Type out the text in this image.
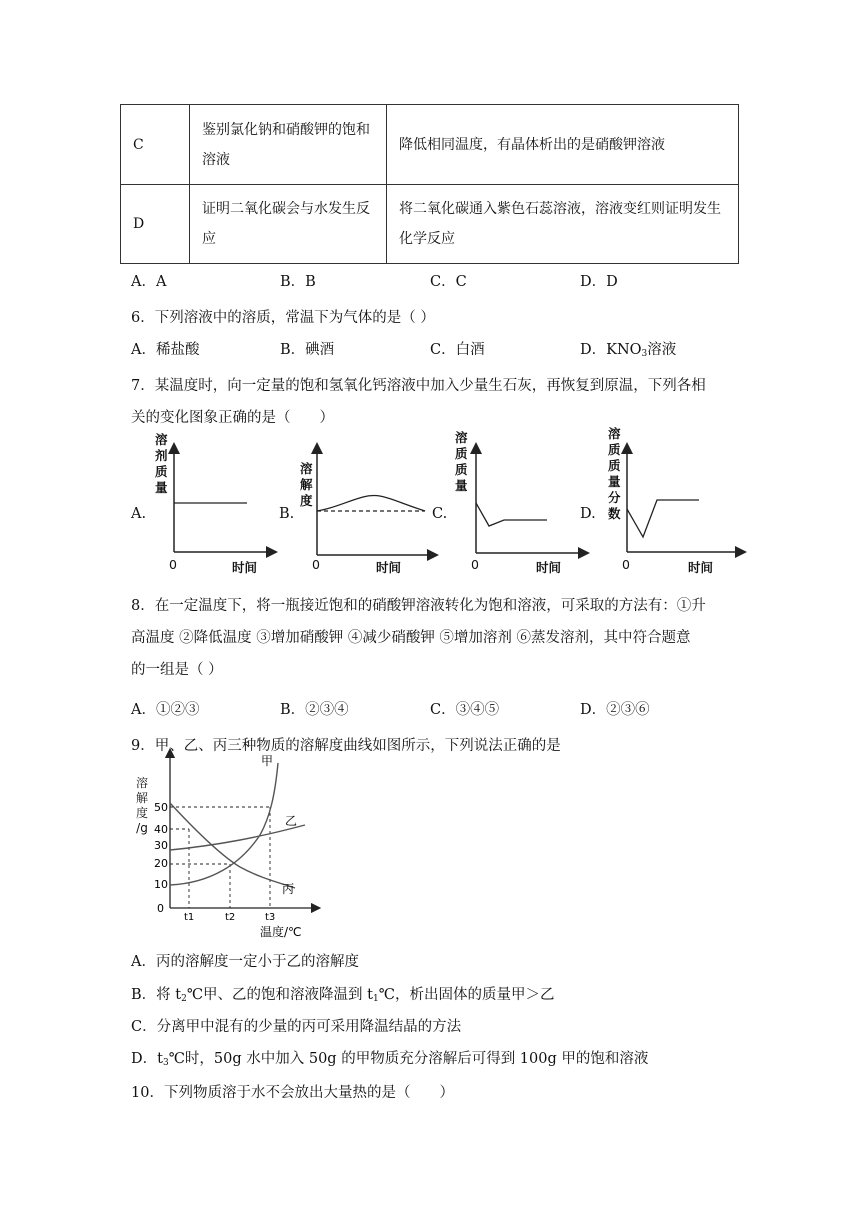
C	鉴别氯化钠和硝酸钾的饱和溶液	降低相同温度，有晶体析出的是硝酸钾溶液
D	证明二氧化碳会与水发生反应	将二氧化碳通入紫色石蕊溶液，溶液变红则证明发生化学反应
A．A	B．B	C．C	D．D
6．下列溶液中的溶质，常温下为气体的是（ ）
A．稀盐酸	B．碘酒	C．白酒	D．$KNO_3$溶液
7．某温度时，向一定量的饱和氢氧化钙溶液中加入少量生石灰，再恢复到原温，下列各相
关的变化图象正确的是（　　）
A.
溶
剂
质
量
0	时间
B.
溶
解
度
0	时间
C.
溶
质
质
量
0	时间
D.
溶
质
质
量
分
数
0	时间
8．在一定温度下，将一瓶接近饱和的硝酸钾溶液转化为饱和溶液，可采取的方法有：①升
高温度 ②降低温度 ③增加硝酸钾 ④减少硝酸钾 ⑤增加溶剂 ⑥蒸发溶剂，其中符合题意
的一组是（ ）
A．①②③	B．②③④	C．③④⑤	D．②③⑥
9．甲、乙、丙三种物质的溶解度曲线如图所示，下列说法正确的是
溶
解
度
/g
0
10
20
30
40
50
甲
乙
丙
t1	t2	t3
温度/℃
A．丙的溶解度一定小于乙的溶解度
B．将 $t_2℃$甲、乙的饱和溶液降温到 $t_1℃$，析出固体的质量甲＞乙
C．分离甲中混有的少量的丙可采用降温结晶的方法
D．$t_3℃$时，50g 水中加入 50g 的甲物质充分溶解后可得到 100g 甲的饱和溶液
10．下列物质溶于水不会放出大量热的是（　　）
